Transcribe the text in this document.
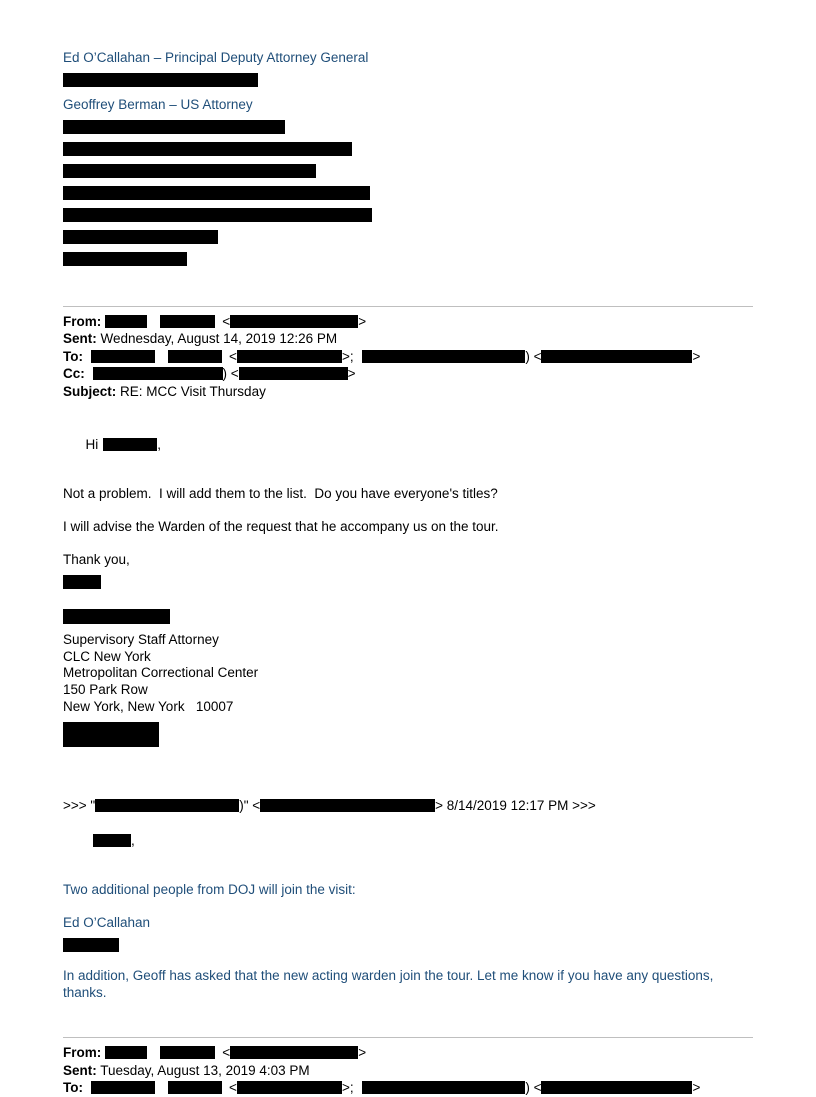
Ed O’Callahan – Principal Deputy Attorney General
Geoffrey Berman – US Attorney
From:	<	>
Sent: Wednesday, August 14, 2019 12:26 PM
To:	<	>;	) <	>
Cc:	) <	>
Subject: RE: MCC Visit Thursday

Hi	,

Not a problem.  I will add them to the list.  Do you have everyone's titles?
I will advise the Warden of the request that he accompany us on the tour.
Thank you,
Supervisory Staff Attorney
CLC New York
Metropolitan Correctional Center
150 Park Row
New York, New York   10007
>>> "	)" <	> 8/14/2019 12:17 PM >>>

,

Two additional people from DOJ will join the visit:
Ed O’Callahan
In addition, Geoff has asked that the new acting warden join the tour. Let me know if you have any questions, thanks.
From:	<	>
Sent: Tuesday, August 13, 2019 4:03 PM
To:	<	>;	) <	>
